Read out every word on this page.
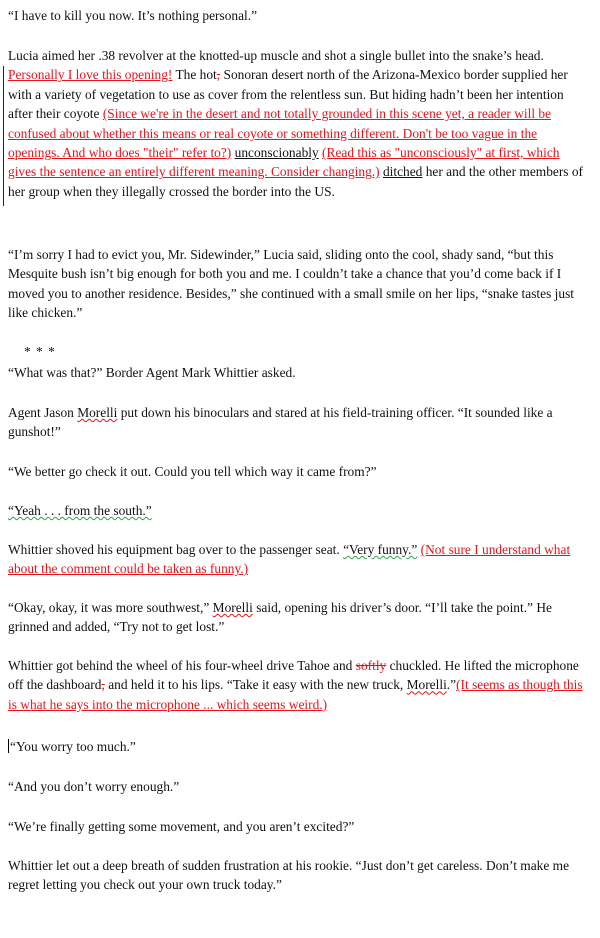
“I have to kill you now. It’s nothing personal.”

Lucia aimed her .38 revolver at the knotted-up muscle and shot a single bullet into the snake’s head. Personally I love this opening! The hot, Sonoran desert north of the Arizona-Mexico border supplied her with a variety of vegetation to use as cover from the relentless sun. But hiding hadn’t been her intention after their coyote (Since we're in the desert and not totally grounded in this scene yet, a reader will be confused about whether this means or real coyote or something different. Don't be too vague in the openings. And who does "their" refer to?) unconscionably (Read this as "unconsciously" at first, which gives the sentence an entirely different meaning. Consider changing.) ditched her and the other members of her group when they illegally crossed the border into the US.

“I’m sorry I had to evict you, Mr. Sidewinder,” Lucia said, sliding onto the cool, shady sand, “but this Mesquite bush isn’t big enough for both you and me. I couldn’t take a chance that you’d come back if I moved you to another residence. Besides,” she continued with a small smile on her lips, “snake tastes just like chicken.”

* * *

“What was that?” Border Agent Mark Whittier asked.

Agent Jason Morelli put down his binoculars and stared at his field-training officer. “It sounded like a gunshot!”

“We better go check it out. Could you tell which way it came from?”

“Yeah . . . from the south.”

Whittier shoved his equipment bag over to the passenger seat. “Very funny.” (Not sure I understand what about the comment could be taken as funny.)

“Okay, okay, it was more southwest,” Morelli said, opening his driver’s door. “I’ll take the point.” He grinned and added, “Try not to get lost.”

Whittier got behind the wheel of his four-wheel drive Tahoe and softly chuckled. He lifted the microphone off the dashboard, and held it to his lips. “Take it easy with the new truck, Morelli.”(It seems as though this is what he says into the microphone ... which seems weird.)

“You worry too much.”

“And you don’t worry enough.”

“We’re finally getting some movement, and you aren’t excited?”

Whittier let out a deep breath of sudden frustration at his rookie. “Just don’t get careless. Don’t make me regret letting you check out your own truck today.”
